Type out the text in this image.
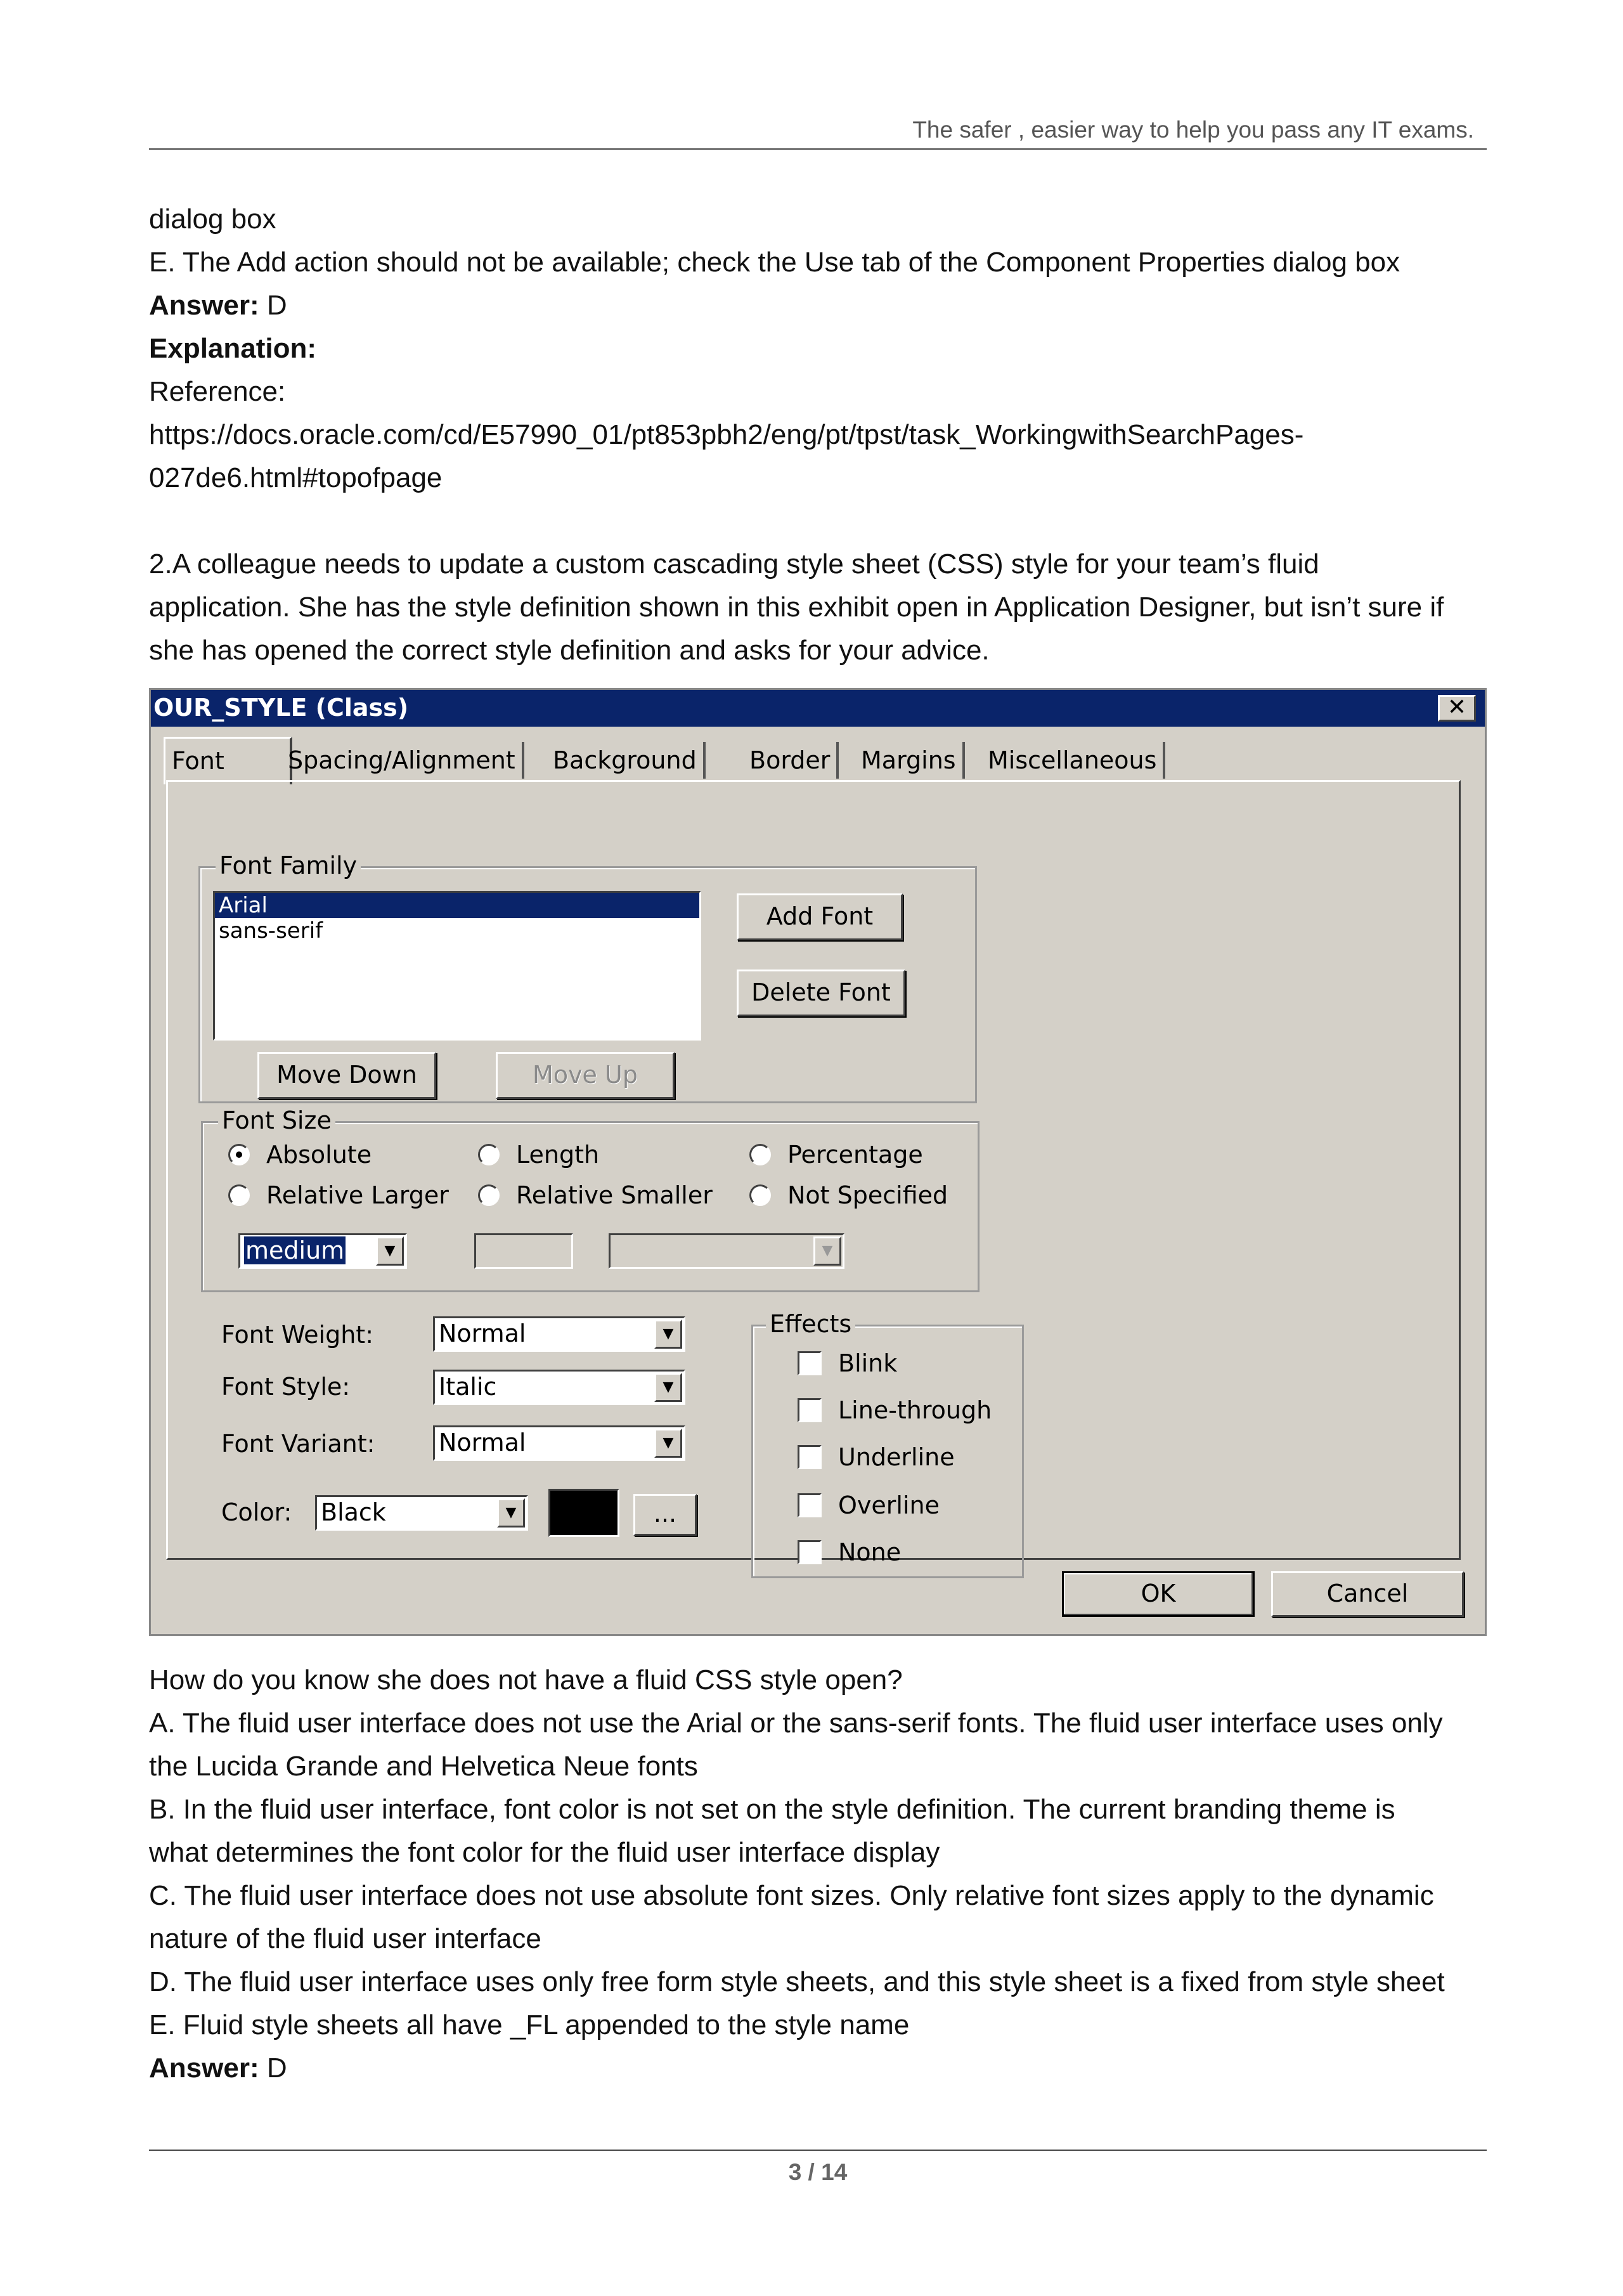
The safer , easier way to help you pass any IT exams.
dialog box
E. The Add action should not be available; check the Use tab of the Component Properties dialog box
Answer: D
Explanation:
Reference:
https://docs.oracle.com/cd/E57990_01/pt853pbh2/eng/pt/tpst/task_WorkingwithSearchPages-
027de6.html#topofpage
2.A colleague needs to update a custom cascading style sheet (CSS) style for your team’s fluid
application. She has the style definition shown in this exhibit open in Application Designer, but isn’t sure if
she has opened the correct style definition and asks for your advice.
OUR_STYLE (Class)	✕
Font	Spacing/Alignment	Background	Border	Margins	Miscellaneous
Font Family
Arial
sans-serif
Add Font
Delete Font
Move Down	Move Up
Font Size
Absolute	Length	Percentage
Relative Larger	Relative Smaller	Not Specified
medium	▼	▼
Font Weight:	Normal	▼
Font Style:	Italic	▼
Font Variant:	Normal	▼
Color: Black	▼	...
Effects
Blink
Line-through
Underline
Overline
None
OK	Cancel
How do you know she does not have a fluid CSS style open?
A. The fluid user interface does not use the Arial or the sans-serif fonts. The fluid user interface uses only
the Lucida Grande and Helvetica Neue fonts
B. In the fluid user interface, font color is not set on the style definition. The current branding theme is
what determines the font color for the fluid user interface display
C. The fluid user interface does not use absolute font sizes. Only relative font sizes apply to the dynamic
nature of the fluid user interface
D. The fluid user interface uses only free form style sheets, and this style sheet is a fixed from style sheet
E. Fluid style sheets all have _FL appended to the style name
Answer: D
3 / 14
